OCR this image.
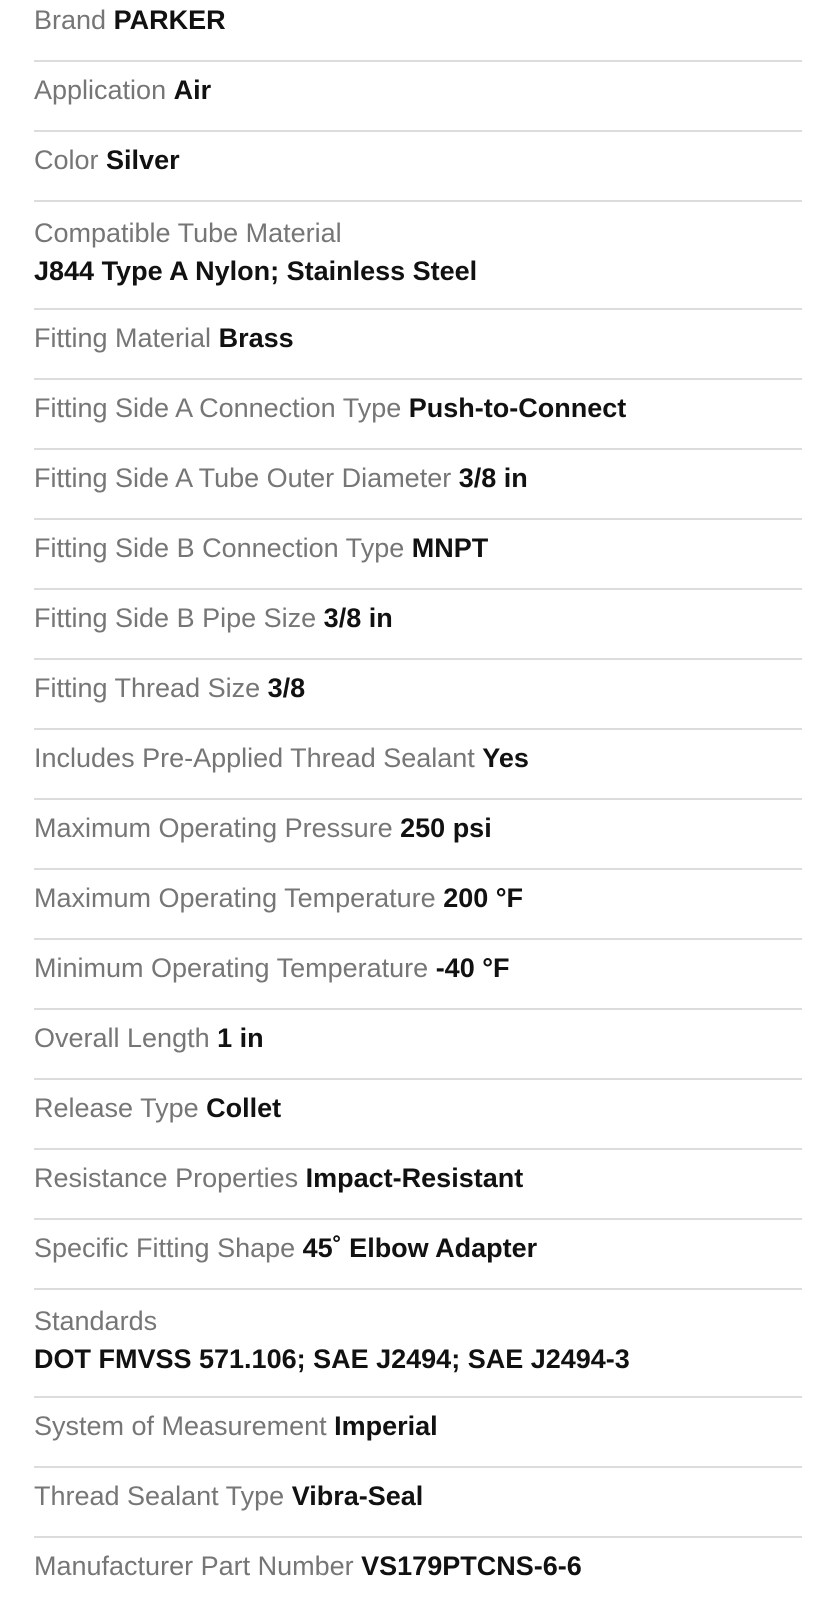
Brand PARKER
Application Air
Color Silver
Compatible Tube Material
J844 Type A Nylon; Stainless Steel
Fitting Material Brass
Fitting Side A Connection Type Push-to-Connect
Fitting Side A Tube Outer Diameter 3/8 in
Fitting Side B Connection Type MNPT
Fitting Side B Pipe Size 3/8 in
Fitting Thread Size 3/8
Includes Pre-Applied Thread Sealant Yes
Maximum Operating Pressure 250 psi
Maximum Operating Temperature 200 °F
Minimum Operating Temperature -40 °F
Overall Length 1 in
Release Type Collet
Resistance Properties Impact-Resistant
Specific Fitting Shape 45˚ Elbow Adapter
Standards
DOT FMVSS 571.106; SAE J2494; SAE J2494-3
System of Measurement Imperial
Thread Sealant Type Vibra-Seal
Manufacturer Part Number VS179PTCNS-6-6
